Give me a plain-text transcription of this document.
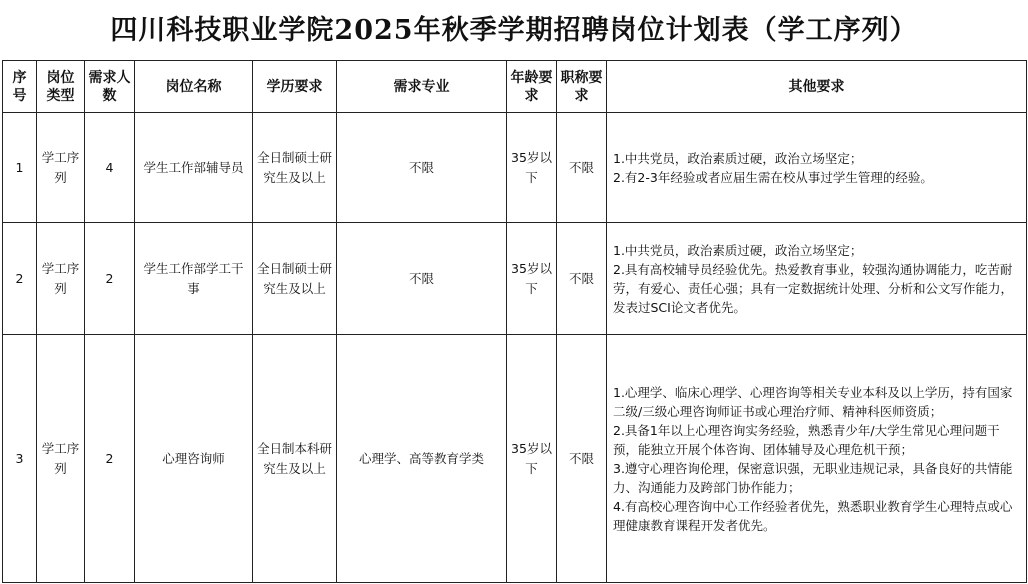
四川科技职业学院2025年秋季学期招聘岗位计划表（学工序列）
序号	岗位类型	需求人数	岗位名称	学历要求	需求专业	年龄要求	职称要求	其他要求
1	学工序列	4	学生工作部辅导员	全日制硕士研究生及以上	不限	35岁以下	不限	1.中共党员，政治素质过硬，政治立场坚定；
2.有2-3年经验或者应届生需在校从事过学生管理的经验。

2	学工序列	2	学生工作部学工干事	全日制硕士研究生及以上	不限	35岁以下	不限	1.中共党员，政治素质过硬，政治立场坚定；
2.具有高校辅导员经验优先。热爱教育事业，较强沟通协调能力，吃苦耐劳，有爱心、责任心强；具有一定数据统计处理、分析和公文写作能力，发表过SCI论文者优先。

3	学工序列	2	心理咨询师	全日制本科研究生及以上	心理学、高等教育学类	35岁以下	不限	1.心理学、临床心理学、心理咨询等相关专业本科及以上学历，持有国家二级/三级心理咨询师证书或心理治疗师、精神科医师资质；
2.具备1年以上心理咨询实务经验，熟悉青少年/大学生常见心理问题干预，能独立开展个体咨询、团体辅导及心理危机干预；
3.遵守心理咨询伦理，保密意识强，无职业违规记录，具备良好的共情能力、沟通能力及跨部门协作能力；
4.有高校心理咨询中心工作经验者优先，熟悉职业教育学生心理特点或心理健康教育课程开发者优先。
